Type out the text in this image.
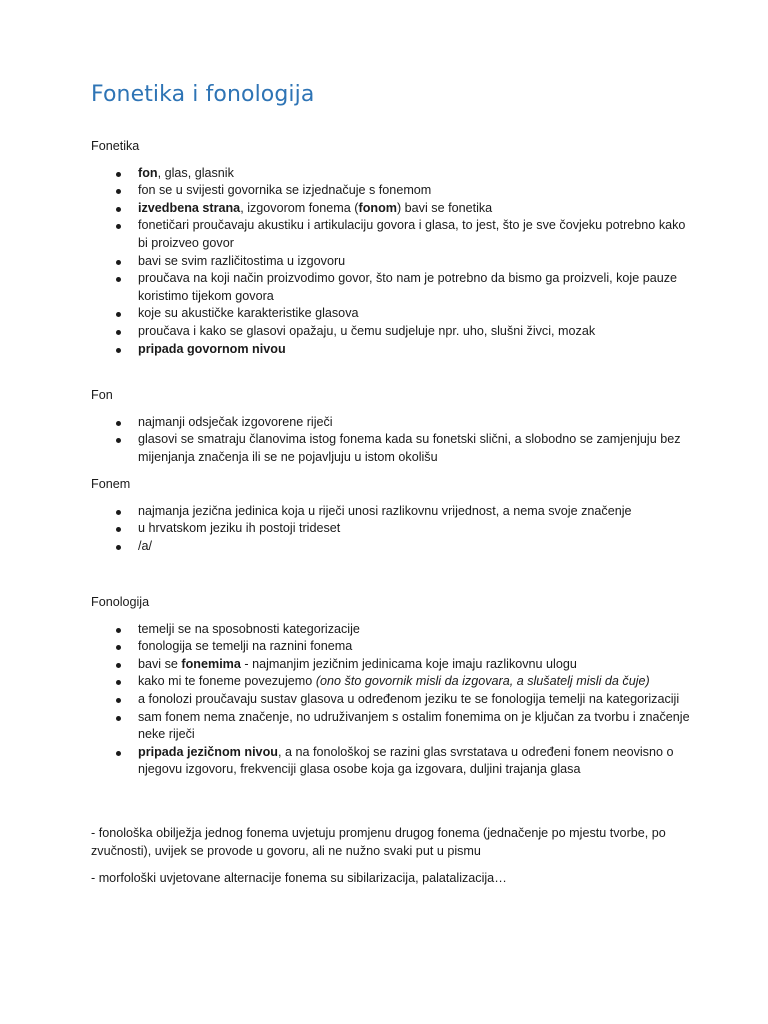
Fonetika i fonologija

Fonetika

fon, glas, glasnik
fon se u svijesti govornika se izjednačuje s fonemom
izvedbena strana, izgovorom fonema (fonom) bavi se fonetika
fonetičari proučavaju akustiku i artikulaciju govora i glasa, to jest, što je sve čovjeku potrebno kako bi proizveo govor
bavi se svim različitostima u izgovoru
proučava na koji način proizvodimo govor, što nam je potrebno da bismo ga proizveli, koje pauze koristimo tijekom govora
koje su akustičke karakteristike glasova
proučava i kako se glasovi opažaju, u čemu sudjeluje npr. uho, slušni živci, mozak
pripada govornom nivou

Fon

najmanji odsječak izgovorene riječi
glasovi se smatraju članovima istog fonema kada su fonetski slični, a slobodno se zamjenjuju bez mijenjanja značenja ili se ne pojavljuju u istom okolišu

Fonem

najmanja jezična jedinica koja u riječi unosi razlikovnu vrijednost, a nema svoje značenje
u hrvatskom jeziku ih postoji trideset
/a/

Fonologija

temelji se na sposobnosti kategorizacije
fonologija se temelji na raznini fonema
bavi se fonemima - najmanjim jezičnim jedinicama koje imaju razlikovnu ulogu
kako mi te foneme povezujemo (ono što govornik misli da izgovara, a slušatelj misli da čuje)
a fonolozi proučavaju sustav glasova u određenom jeziku te se fonologija temelji na kategorizaciji
sam fonem nema značenje, no udruživanjem s ostalim fonemima on je ključan za tvorbu i značenje neke riječi
pripada jezičnom nivou, a na fonološkoj se razini glas svrstatava u određeni fonem neovisno o njegovu izgovoru, frekvenciji glasa osobe koja ga izgovara, duljini trajanja glasa

- fonološka obilježja jednog fonema uvjetuju promjenu drugog fonema (jednačenje po mjestu tvorbe, po zvučnosti), uvijek se provode u govoru, ali ne nužno svaki put u pismu

- morfološki uvjetovane alternacije fonema su sibilarizacija, palatalizacija…
